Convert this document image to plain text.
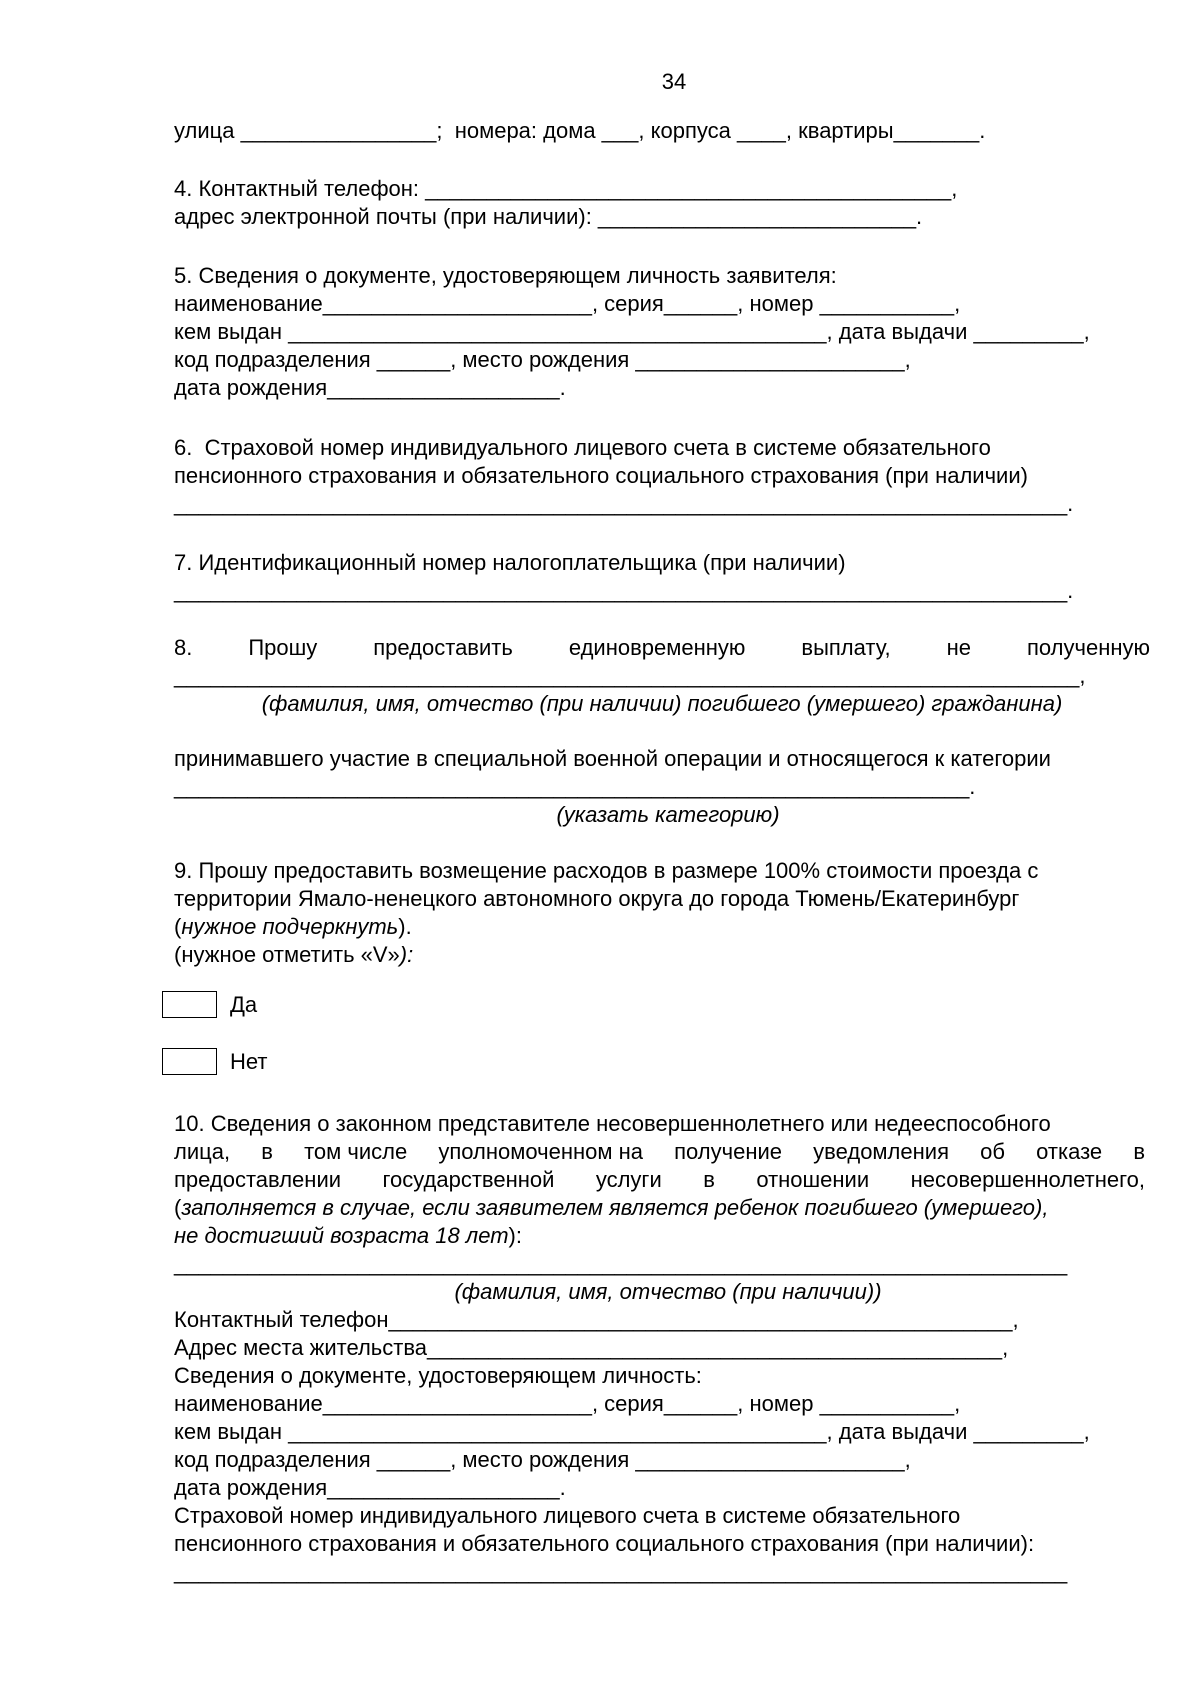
34
улица ________________;  номера: дома ___, корпуса ____, квартиры_______.
4. Контактный телефон: ___________________________________________,
адрес электронной почты (при наличии): __________________________.
5. Сведения о документе, удостоверяющем личность заявителя:
наименование______________________, серия______, номер ___________,
кем выдан ____________________________________________, дата выдачи _________,
код подразделения ______, место рождения ______________________,
дата рождения___________________.
6.  Страховой номер индивидуального лицевого счета в системе обязательного
пенсионного страхования и обязательного социального страхования (при наличии)
_________________________________________________________________________.
7. Идентификационный номер налогоплательщика (при наличии)
_________________________________________________________________________.
8.	Прошу	предоставить	единовременную	выплату,	не	полученную
__________________________________________________________________________,
(фамилия, имя, отчество (при наличии) погибшего (умершего) гражданина)
принимавшего участие в специальной военной операции и относящегося к категории
_________________________________________________________________.
(указать категорию)
9. Прошу предоставить возмещение расходов в размере 100% стоимости проезда с
территории Ямало-ненецкого автономного округа до города Тюмень/Екатеринбург
(нужное подчеркнуть).
(нужное отметить «V»):
Да
Нет
10. Сведения о законном представителе несовершеннолетнего или недееспособного
лица, в том числе уполномоченном на получение уведомления об отказе в
предоставлении государственной услуги в отношении несовершеннолетнего,
(заполняется в случае, если заявителем является ребенок погибшего (умершего),
не достигший возраста 18 лет):
_________________________________________________________________________
(фамилия, имя, отчество (при наличии))
Контактный телефон___________________________________________________,
Адрес места жительства_______________________________________________,
Сведения о документе, удостоверяющем личность:
наименование______________________, серия______, номер ___________,
кем выдан ____________________________________________, дата выдачи _________,
код подразделения ______, место рождения ______________________,
дата рождения___________________.
Страховой номер индивидуального лицевого счета в системе обязательного
пенсионного страхования и обязательного социального страхования (при наличии):
_________________________________________________________________________
